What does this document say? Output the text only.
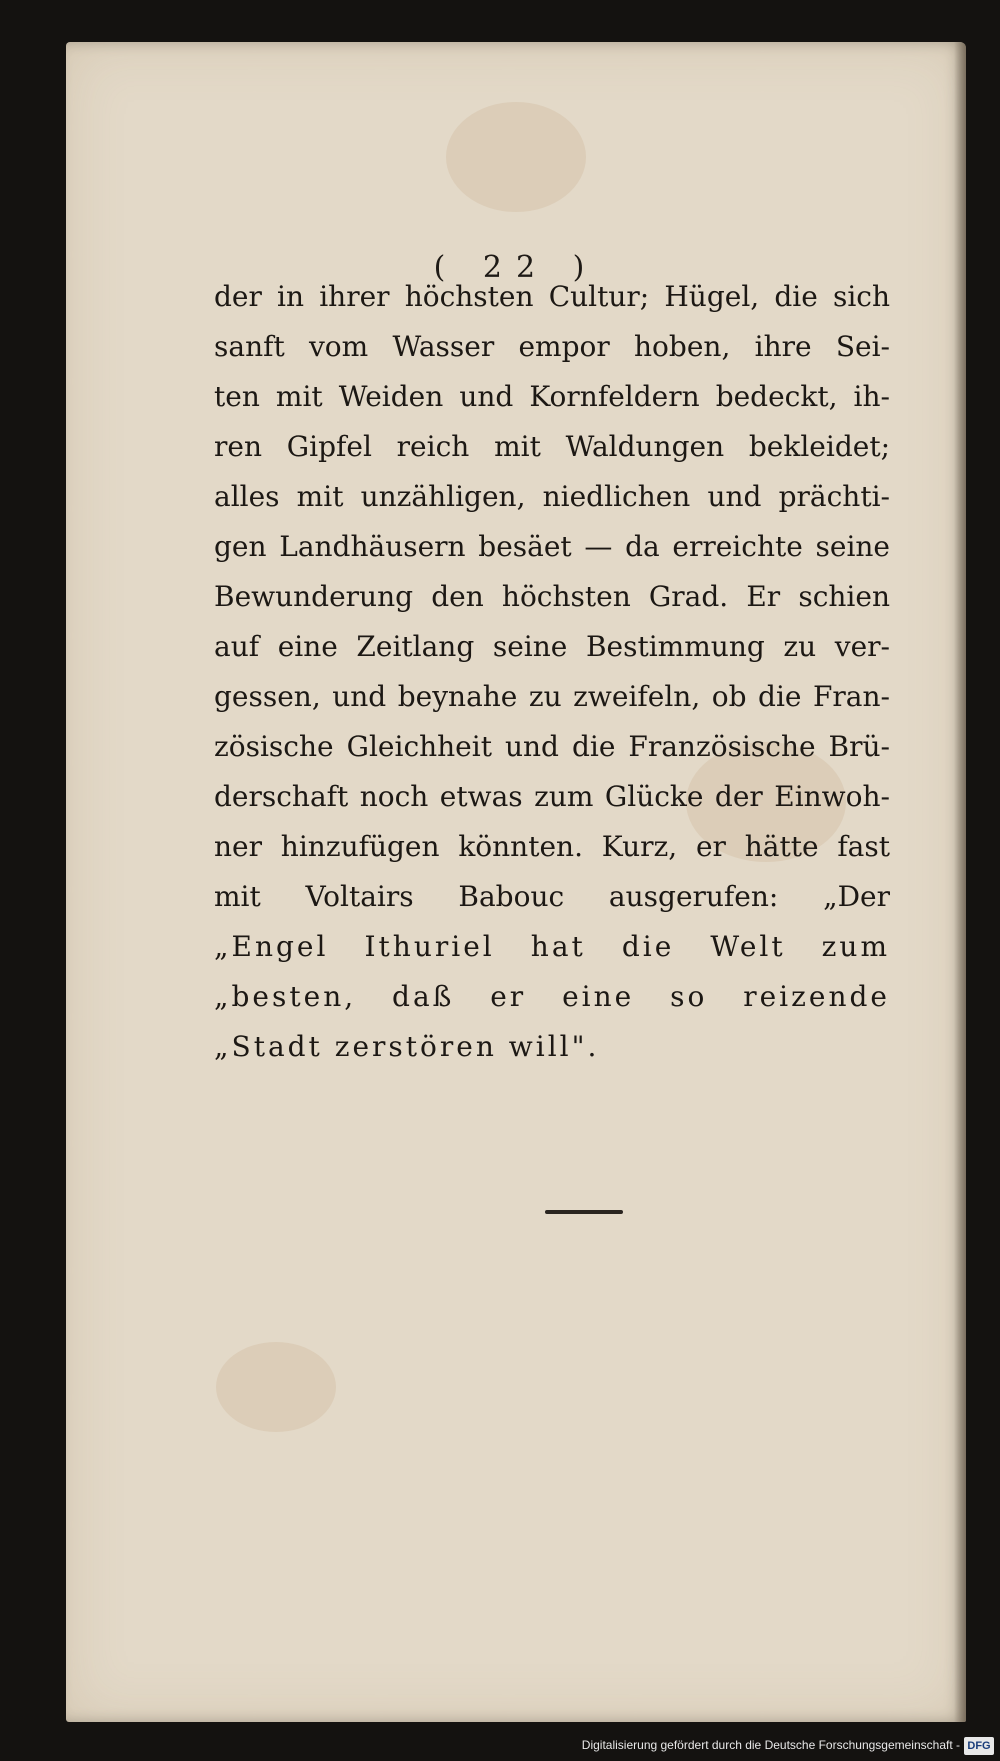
( 22 )
der in ihrer höchsten Cultur; Hügel, die sich
sanft vom Wasser empor hoben, ihre Sei-
ten mit Weiden und Kornfeldern bedeckt, ih-
ren Gipfel reich mit Waldungen bekleidet;
alles mit unzähligen, niedlichen und prächti-
gen Landhäusern besäet — da erreichte seine
Bewunderung den höchsten Grad. Er schien
auf eine Zeitlang seine Bestimmung zu ver-
gessen, und beynahe zu zweifeln, ob die Fran-
zösische Gleichheit und die Französische Brü-
derschaft noch etwas zum Glücke der Einwoh-
ner hinzufügen könnten. Kurz, er hätte fast
mit Voltairs Babouc ausgerufen: „Der
„Engel Ithuriel hat die Welt zum
„besten, daß er eine so reizende
„Stadt zerstören will".
Digitalisierung gefördert durch die Deutsche Forschungsgemeinschaft - DFG
